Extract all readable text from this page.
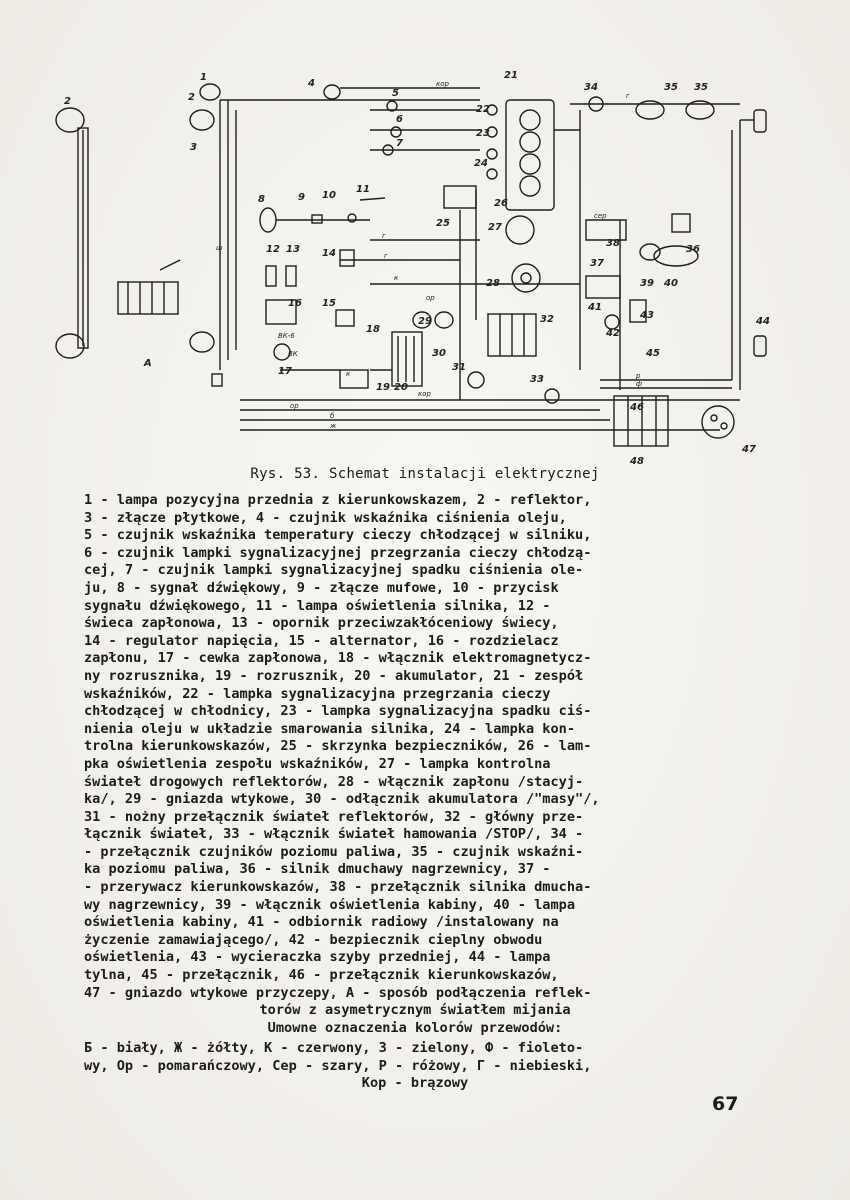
2
1
2
3
4
5
6
7
8	9 10
11
12 13 14
15
16
17
18
19 20
21
22
23
24
25
26
27
28
29
30
31
32
33
34	35 35
36
37
38
39 40
41
42
43
44
45
46
47
48
A
ВК-6
ВК
кор
кор
ор
ор
г
г
г
к
к
ж
б
сер
р
ф
ш
Rys. 53. Schemat instalacji elektrycznej

1 - lampa pozycyjna przednia z kierunkowskazem, 2 - reflektor,

3 - złącze płytkowe, 4 - czujnik wskaźnika ciśnienia oleju,

5 - czujnik wskaźnika temperatury cieczy chłodzącej w silniku,

6 - czujnik lampki sygnalizacyjnej przegrzania cieczy chłodzą-

cej, 7 - czujnik lampki sygnalizacyjnej spadku ciśnienia ole-

ju, 8 - sygnał dźwiękowy, 9 - złącze mufowe, 10 - przycisk

sygnału dźwiękowego, 11 - lampa oświetlenia silnika, 12 -

świeca zapłonowa, 13 - opornik przeciwzakłóceniowy świecy,

14 - regulator napięcia, 15 - alternator, 16 - rozdzielacz

zapłonu, 17 - cewka zapłonowa, 18 - włącznik elektromagnetycz-

ny rozrusznika, 19 - rozrusznik, 20 - akumulator, 21 - zespół

wskaźników, 22 - lampka sygnalizacyjna przegrzania cieczy

chłodzącej w chłodnicy, 23 - lampka sygnalizacyjna spadku ciś-

nienia oleju w układzie smarowania silnika, 24 - lampka kon-

trolna kierunkowskazów, 25 - skrzynka bezpieczników, 26 - lam-

pka oświetlenia zespołu wskaźników, 27 - lampka kontrolna

świateł drogowych reflektorów, 28 - włącznik zapłonu /stacyj-

ka/, 29 - gniazda wtykowe, 30 - odłącznik akumulatora /"masy"/,

31 - nożny przełącznik świateł reflektorów, 32 - główny prze-

łącznik świateł, 33 - włącznik świateł hamowania /STOP/, 34 -

- przełącznik czujników poziomu paliwa, 35 - czujnik wskaźni-

ka poziomu paliwa, 36 - silnik dmuchawy nagrzewnicy, 37 -

- przerywacz kierunkowskazów, 38 - przełącznik silnika dmucha-

wy nagrzewnicy, 39 - włącznik oświetlenia kabiny, 40 - lampa

oświetlenia kabiny, 41 - odbiornik radiowy /instalowany na

życzenie zamawiającego/, 42 - bezpiecznik cieplny obwodu

oświetlenia, 43 - wycieraczka szyby przedniej, 44 - lampa

tylna, 45 - przełącznik, 46 - przełącznik kierunkowskazów,

47 - gniazdo wtykowe przyczepy, A - sposób podłączenia reflek-

torów z asymetrycznym światłem mijania

Umowne oznaczenia kolorów przewodów:

Б - biały, Ж - żółty, К - czerwony, З - zielony, Ф - fioleto-

wy, Ор - pomarańczowy, Сер - szary, Р - różowy, Г - niebieski,

Кор - brązowy

67
